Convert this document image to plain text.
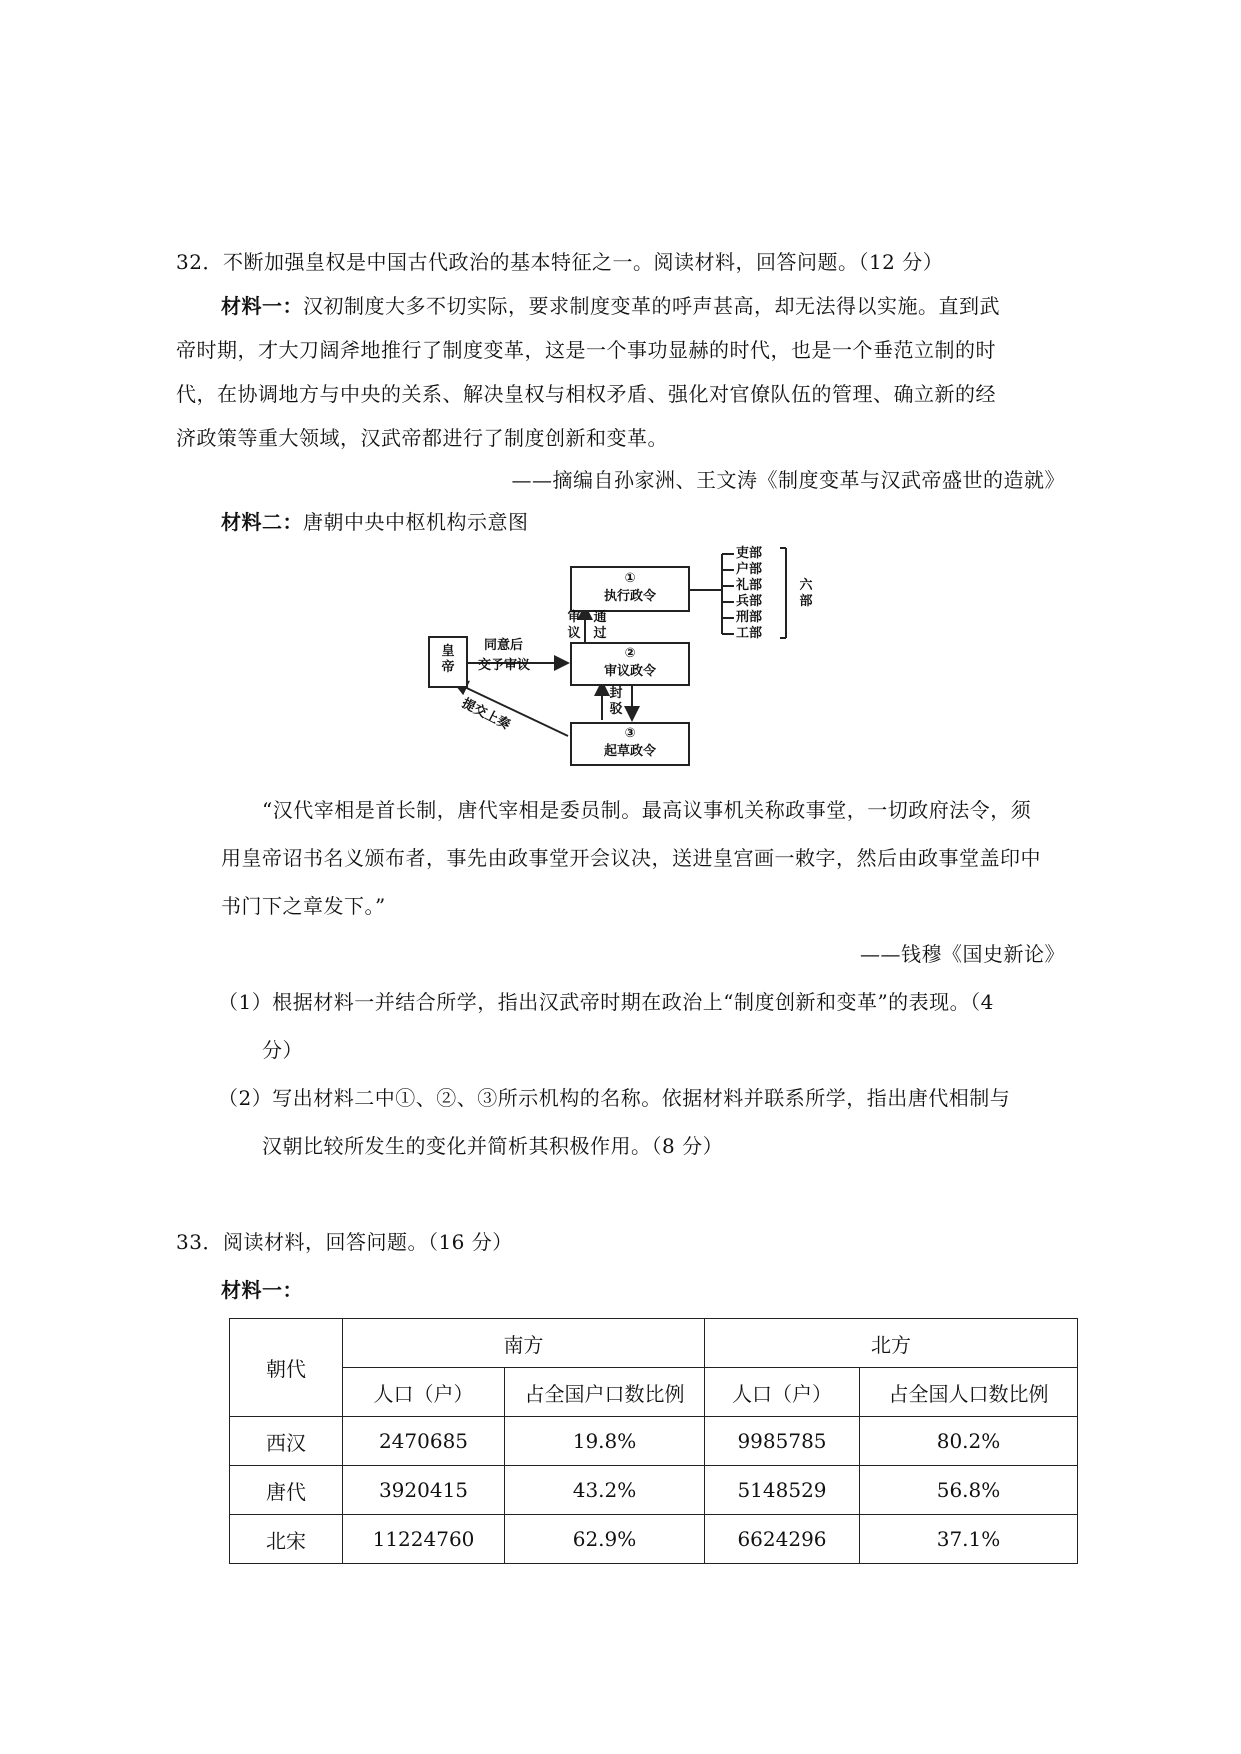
32．不断加强皇权是中国古代政治的基本特征之一。阅读材料，回答问题。（12 分）
材料一：汉初制度大多不切实际，要求制度变革的呼声甚高，却无法得以实施。直到武
帝时期，才大刀阔斧地推行了制度变革，这是一个事功显赫的时代，也是一个垂范立制的时
代，在协调地方与中央的关系、解决皇权与相权矛盾、强化对官僚队伍的管理、确立新的经
济政策等重大领域，汉武帝都进行了制度创新和变革。
——摘编自孙家洲、王文涛《制度变革与汉武帝盛世的造就》
材料二：唐朝中央中枢机构示意图
皇帝
①
执行政令
②
审议政令
③
起草政令
同意后
交予审议
审议
通过
封驳
提交上奏
吏部
户部
礼部
兵部
刑部
工部
六部
“汉代宰相是首长制，唐代宰相是委员制。最高议事机关称政事堂，一切政府法令，须
用皇帝诏书名义颁布者，事先由政事堂开会议决，送进皇宫画一敕字，然后由政事堂盖印中
书门下之章发下。”
——钱穆《国史新论》
（1）根据材料一并结合所学，指出汉武帝时期在政治上“制度创新和变革”的表现。（4
分）
（2）写出材料二中①、②、③所示机构的名称。依据材料并联系所学，指出唐代相制与
汉朝比较所发生的变化并简析其积极作用。（8 分）
33．阅读材料，回答问题。（16 分）
材料一：
朝代	南方		北方	
	人口（户）	占全国户口数比例	人口（户）	占全国人口数比例
西汉	2470685	19.8%	9985785	80.2%
唐代	3920415	43.2%	5148529	56.8%
北宋	11224760	62.9%	6624296	37.1%
